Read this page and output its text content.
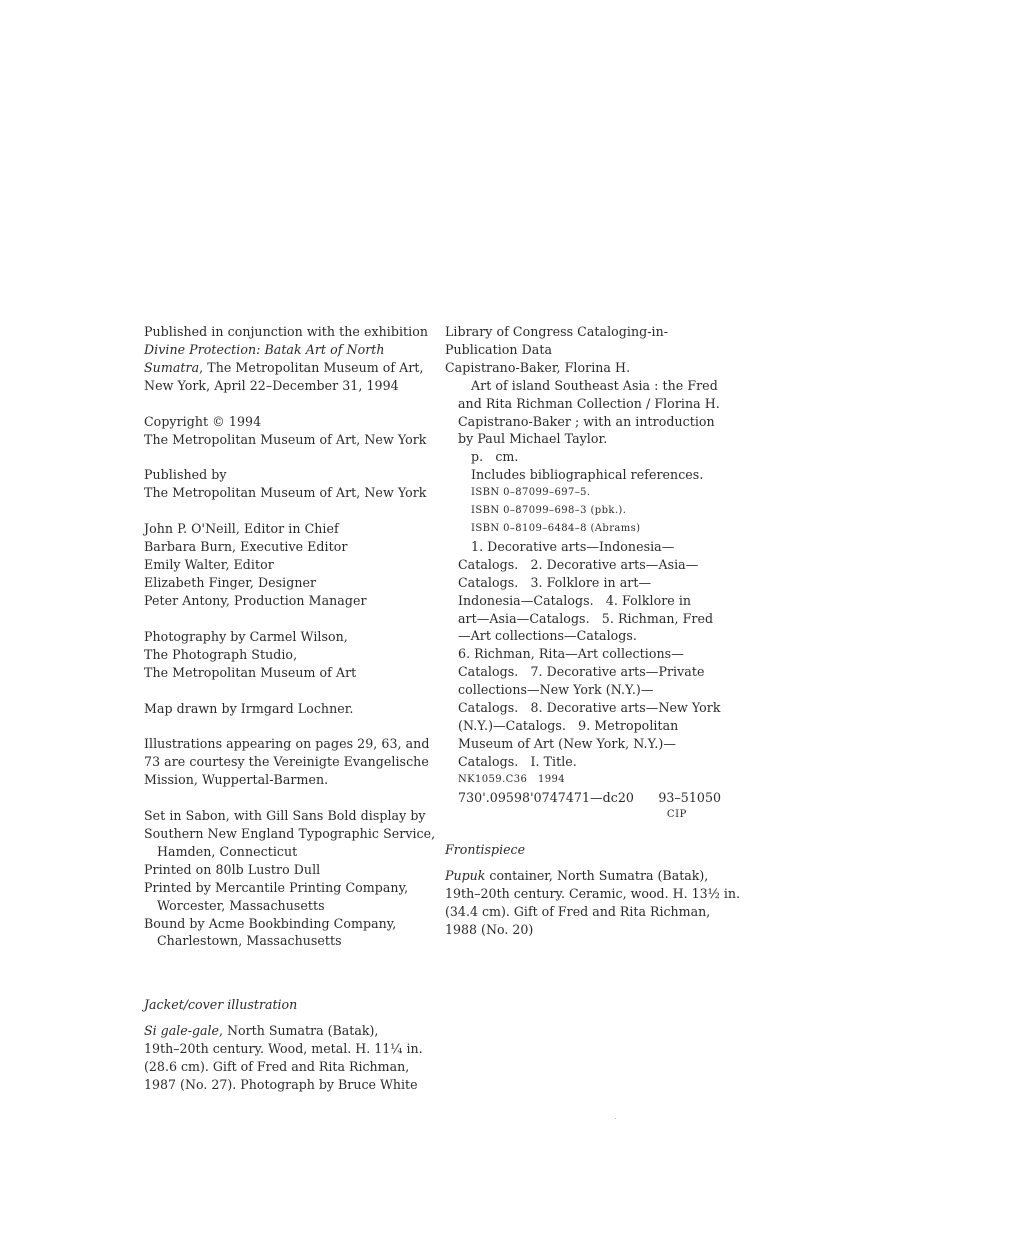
Published in conjunction with the exhibition
Divine Protection: Batak Art of North
Sumatra, The Metropolitan Museum of Art,
New York, April 22–December 31, 1994
Copyright © 1994
The Metropolitan Museum of Art, New York
Published by
The Metropolitan Museum of Art, New York
John P. O'Neill, Editor in Chief
Barbara Burn, Executive Editor
Emily Walter, Editor
Elizabeth Finger, Designer
Peter Antony, Production Manager
Photography by Carmel Wilson,
The Photograph Studio,
The Metropolitan Museum of Art
Map drawn by Irmgard Lochner.
Illustrations appearing on pages 29, 63, and
73 are courtesy the Vereinigte Evangelische
Mission, Wuppertal-Barmen.
Set in Sabon, with Gill Sans Bold display by
Southern New England Typographic Service,
Hamden, Connecticut
Printed on 80lb Lustro Dull
Printed by Mercantile Printing Company,
Worcester, Massachusetts
Bound by Acme Bookbinding Company,
Charlestown, Massachusetts
Library of Congress Cataloging-in-
Publication Data
Capistrano-Baker, Florina H.
Art of island Southeast Asia : the Fred
and Rita Richman Collection / Florina H.
Capistrano-Baker ; with an introduction
by Paul Michael Taylor.
p.   cm.
Includes bibliographical references.
ISBN 0–87099–697–5.
ISBN 0–87099–698–3 (pbk.).
ISBN 0–8109–6484–8 (Abrams)
1. Decorative arts—Indonesia—
Catalogs.   2. Decorative arts—Asia—
Catalogs.   3. Folklore in art—
Indonesia—Catalogs.   4. Folklore in
art—Asia—Catalogs.   5. Richman, Fred
—Art collections—Catalogs.
6. Richman, Rita—Art collections—
Catalogs.   7. Decorative arts—Private
collections—New York (N.Y.)—
Catalogs.   8. Decorative arts—New York
(N.Y.)—Catalogs.   9. Metropolitan
Museum of Art (New York, N.Y.)—
Catalogs.   I. Title.
NK1059.C36   1994
730'.09598'0747471—dc20      93–51050
CIP
Frontispiece
Pupuk container, North Sumatra (Batak),
19th–20th century. Ceramic, wood. H. 13½ in.
(34.4 cm). Gift of Fred and Rita Richman,
1988 (No. 20)
Jacket/cover illustration
Si gale-gale, North Sumatra (Batak),
19th–20th century. Wood, metal. H. 11¼ in.
(28.6 cm). Gift of Fred and Rita Richman,
1987 (No. 27). Photograph by Bruce White
